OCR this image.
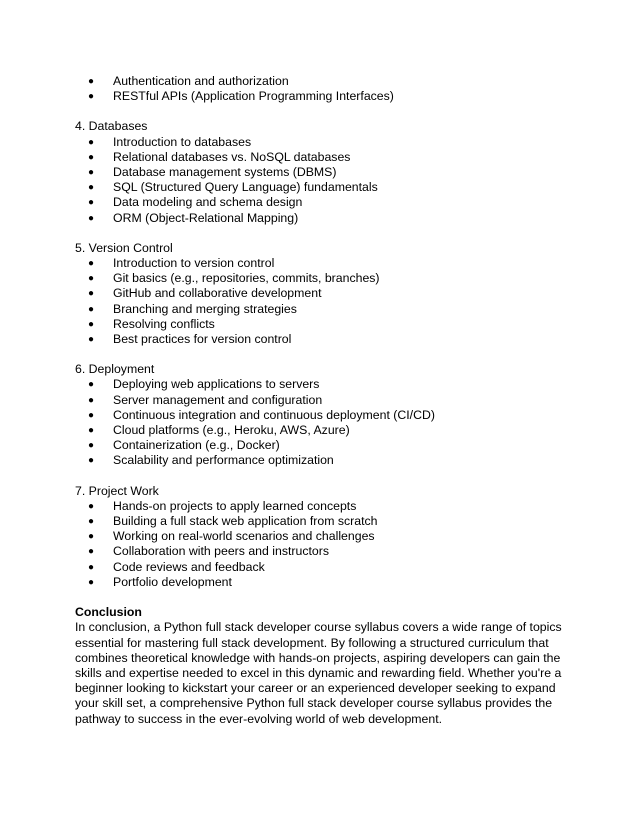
● Authentication and authorization
● RESTful APIs (Application Programming Interfaces)
4. Databases
● Introduction to databases
● Relational databases vs. NoSQL databases
● Database management systems (DBMS)
● SQL (Structured Query Language) fundamentals
● Data modeling and schema design
● ORM (Object-Relational Mapping)
5. Version Control
● Introduction to version control
● Git basics (e.g., repositories, commits, branches)
● GitHub and collaborative development
● Branching and merging strategies
● Resolving conflicts
● Best practices for version control
6. Deployment
● Deploying web applications to servers
● Server management and configuration
● Continuous integration and continuous deployment (CI/CD)
● Cloud platforms (e.g., Heroku, AWS, Azure)
● Containerization (e.g., Docker)
● Scalability and performance optimization
7. Project Work
● Hands-on projects to apply learned concepts
● Building a full stack web application from scratch
● Working on real-world scenarios and challenges
● Collaboration with peers and instructors
● Code reviews and feedback
● Portfolio development
Conclusion

In conclusion, a Python full stack developer course syllabus covers a wide range of topics essential for mastering full stack development. By following a structured curriculum that combines theoretical knowledge with hands-on projects, aspiring developers can gain the skills and expertise needed to excel in this dynamic and rewarding field. Whether you're a beginner looking to kickstart your career or an experienced developer seeking to expand your skill set, a comprehensive Python full stack developer course syllabus provides the pathway to success in the ever-evolving world of web development.
